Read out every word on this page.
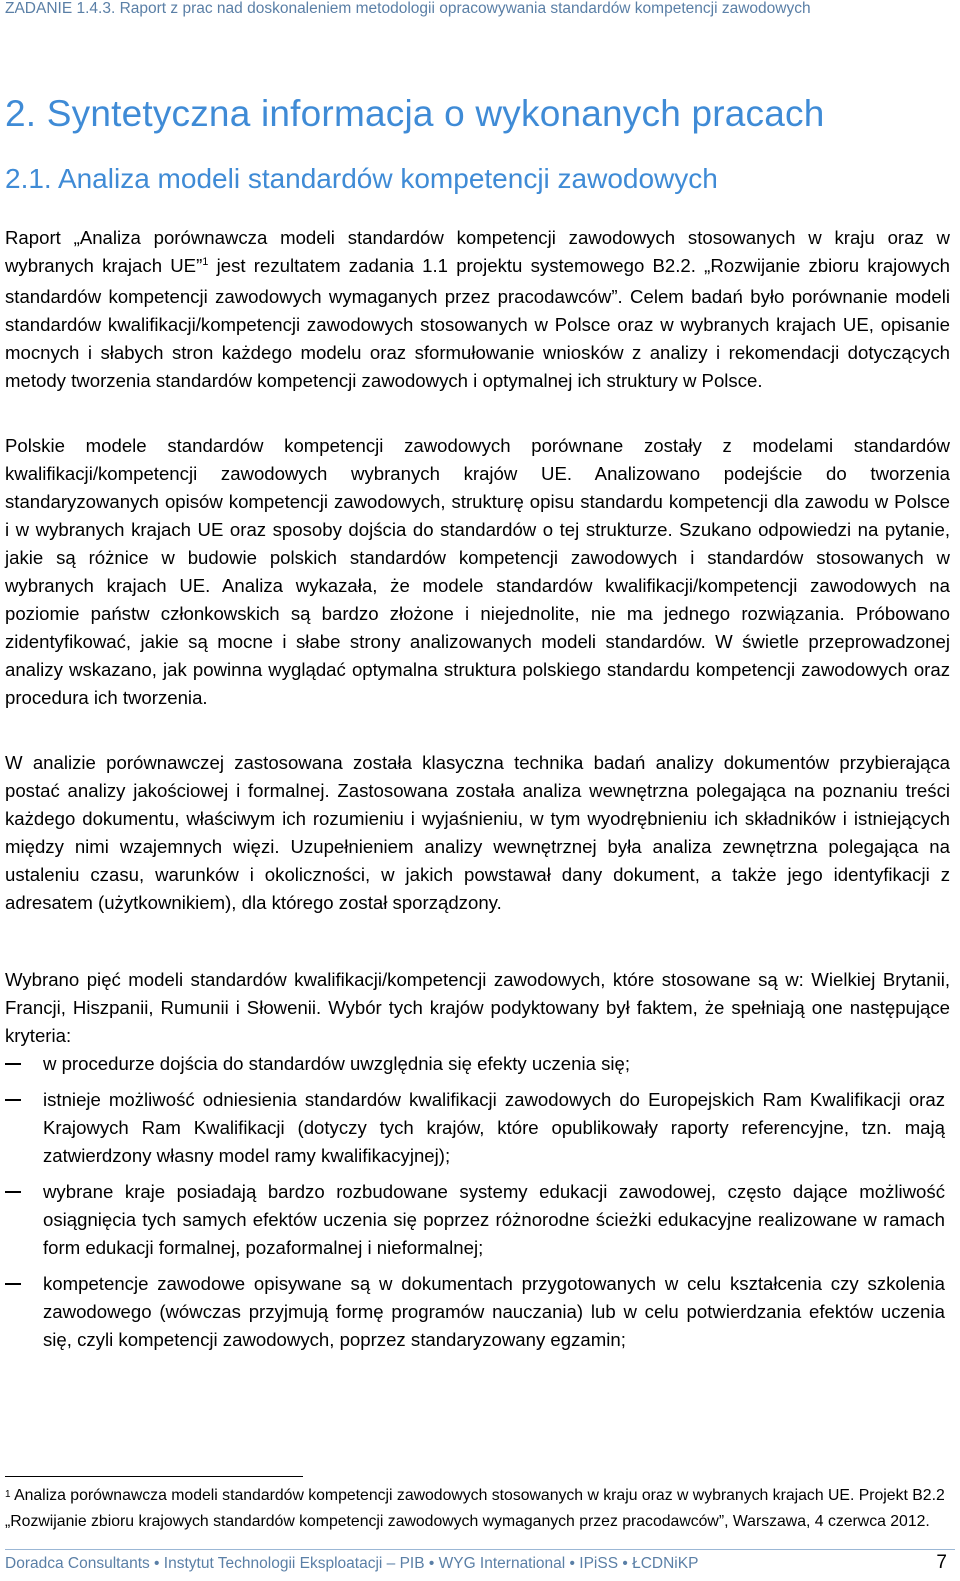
ZADANIE 1.4.3. Raport z prac nad doskonaleniem metodologii opracowywania standardów kompetencji zawodowych
2. Syntetyczna informacja o wykonanych pracach
2.1. Analiza modeli standardów kompetencji zawodowych

Raport „Analiza porównawcza modeli standardów kompetencji zawodowych stosowanych w kraju oraz w wybranych krajach UE”$^1$ jest rezultatem zadania 1.1 projektu systemowego B2.2. „Rozwijanie zbioru krajowych standardów kompetencji zawodowych wymaganych przez pracodawców”. Celem badań było porównanie modeli standardów kwalifikacji/kompetencji zawodowych stosowanych w Polsce oraz w wybranych krajach UE, opisanie mocnych i słabych stron każdego modelu oraz sformułowanie wniosków z analizy i rekomendacji dotyczących metody tworzenia standardów kompetencji zawodowych i optymalnej ich struktury w Polsce.

Polskie modele standardów kompetencji zawodowych porównane zostały z modelami standardów kwalifikacji/kompetencji zawodowych wybranych krajów UE. Analizowano podejście do tworzenia standaryzowanych opisów kompetencji zawodowych, strukturę opisu standardu kompetencji dla zawodu w Polsce i w wybranych krajach UE oraz sposoby dojścia do standardów o tej strukturze. Szukano odpowiedzi na pytanie, jakie są różnice w budowie polskich standardów kompetencji zawodowych i standardów stosowanych w wybranych krajach UE. Analiza wykazała, że modele standardów kwalifikacji/kompetencji zawodowych na poziomie państw członkowskich są bardzo złożone i niejednolite, nie ma jednego rozwiązania. Próbowano zidentyfikować, jakie są mocne i słabe strony analizowanych modeli standardów. W świetle przeprowadzonej analizy wskazano, jak powinna wyglądać optymalna struktura polskiego standardu kompetencji zawodowych oraz procedura ich tworzenia.

W analizie porównawczej zastosowana została klasyczna technika badań analizy dokumentów przybierająca postać analizy jakościowej i formalnej. Zastosowana została analiza wewnętrzna polegająca na poznaniu treści każdego dokumentu, właściwym ich rozumieniu i wyjaśnieniu, w tym wyodrębnieniu ich składników i istniejących między nimi wzajemnych więzi. Uzupełnieniem analizy wewnętrznej była analiza zewnętrzna polegająca na ustaleniu czasu, warunków i okoliczności, w jakich powstawał dany dokument, a także jego identyfikacji z adresatem (użytkownikiem), dla którego został sporządzony.

Wybrano pięć modeli standardów kwalifikacji/kompetencji zawodowych, które stosowane są w: Wielkiej Brytanii, Francji, Hiszpanii, Rumunii i Słowenii. Wybór tych krajów podyktowany był faktem, że spełniają one następujące kryteria:

w procedurze dojścia do standardów uwzględnia się efekty uczenia się;
istnieje możliwość odniesienia standardów kwalifikacji zawodowych do Europejskich Ram Kwalifikacji oraz Krajowych Ram Kwalifikacji (dotyczy tych krajów, które opublikowały raporty referencyjne, tzn. mają zatwierdzony własny model ramy kwalifikacyjnej);
wybrane kraje posiadają bardzo rozbudowane systemy edukacji zawodowej, często dające możliwość osiągnięcia tych samych efektów uczenia się poprzez różnorodne ścieżki edukacyjne realizowane w ramach form edukacji formalnej, pozaformalnej i nieformalnej;
kompetencje zawodowe opisywane są w dokumentach przygotowanych w celu kształcenia czy szkolenia zawodowego (wówczas przyjmują formę programów nauczania) lub w celu potwierdzania efektów uczenia się, czyli kompetencji zawodowych, poprzez standaryzowany egzamin;

$^1$ Analiza porównawcza modeli standardów kompetencji zawodowych stosowanych w kraju oraz w wybranych krajach UE. Projekt B2.2 „Rozwijanie zbioru krajowych standardów kompetencji zawodowych wymaganych przez pracodawców”, Warszawa, 4 czerwca 2012.

Doradca Consultants • Instytut Technologii Eksploatacji – PIB • WYG International • IPiSS • ŁCDNiKP	7
